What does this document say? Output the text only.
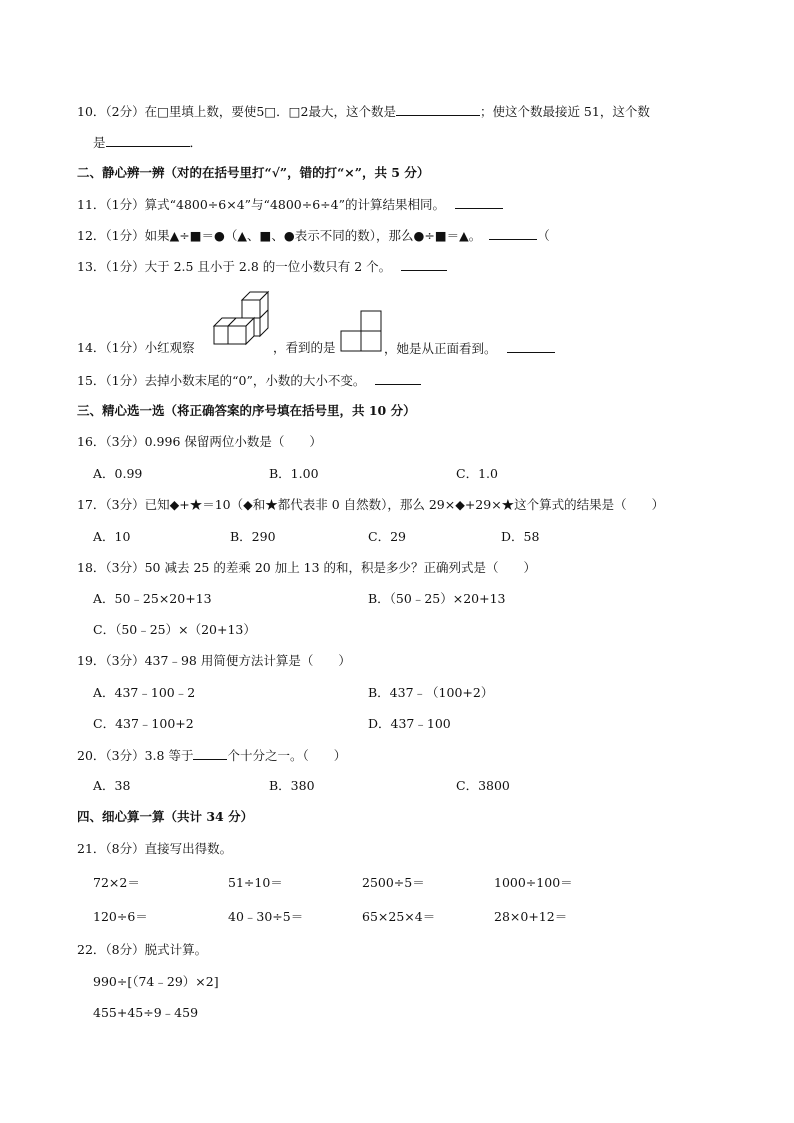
10．（2分）在□里填上数，要使5□．□2最大，这个数是	；使这个数最接近 51，这个数
是	．
二、静心辨一辨（对的在括号里打“√”，错的打“×”，共 5 分）
11．（1分）算式“4800÷6×4”与“4800÷6÷4”的计算结果相同。
12．（1分）如果▲÷■＝●（▲、■、●表示不同的数），那么●÷■＝▲。	（
13．（1分）大于 2.5 且小于 2.8 的一位小数只有 2 个。
14．（1分）小红观察	，看到的是	，她是从正面看到。
15．（1分）去掉小数末尾的“0”，小数的大小不变。
三、精心选一选（将正确答案的序号填在括号里，共 10 分）
16．（3分）0.996 保留两位小数是（　　）
A．0.99	B．1.00	C．1.0
17．（3分）已知◆+★＝10（◆和★都代表非 0 自然数），那么 29×◆+29×★这个算式的结果是（　　）
A．10	B．290	C．29	D．58
18．（3分）50 减去 25 的差乘 20 加上 13 的和，积是多少？正确列式是（　　）
A．50﹣25×20+13	B．（50﹣25）×20+13
C．（50﹣25）×（20+13）
19．（3分）437﹣98 用简便方法计算是（　　）
A．437﹣100﹣2	B．437﹣（100+2）
C．437﹣100+2	D．437﹣100
20．（3分）3.8 等于	个十分之一。（　　）
A．38	B．380	C．3800
四、细心算一算（共计 34 分）
21．（8分）直接写出得数。
72×2＝	51÷10＝	2500÷5＝	1000÷100＝
120÷6＝	40﹣30÷5＝	65×25×4＝	28×0+12＝
22．（8分）脱式计算。
990÷[（74﹣29）×2]
455+45÷9﹣459
